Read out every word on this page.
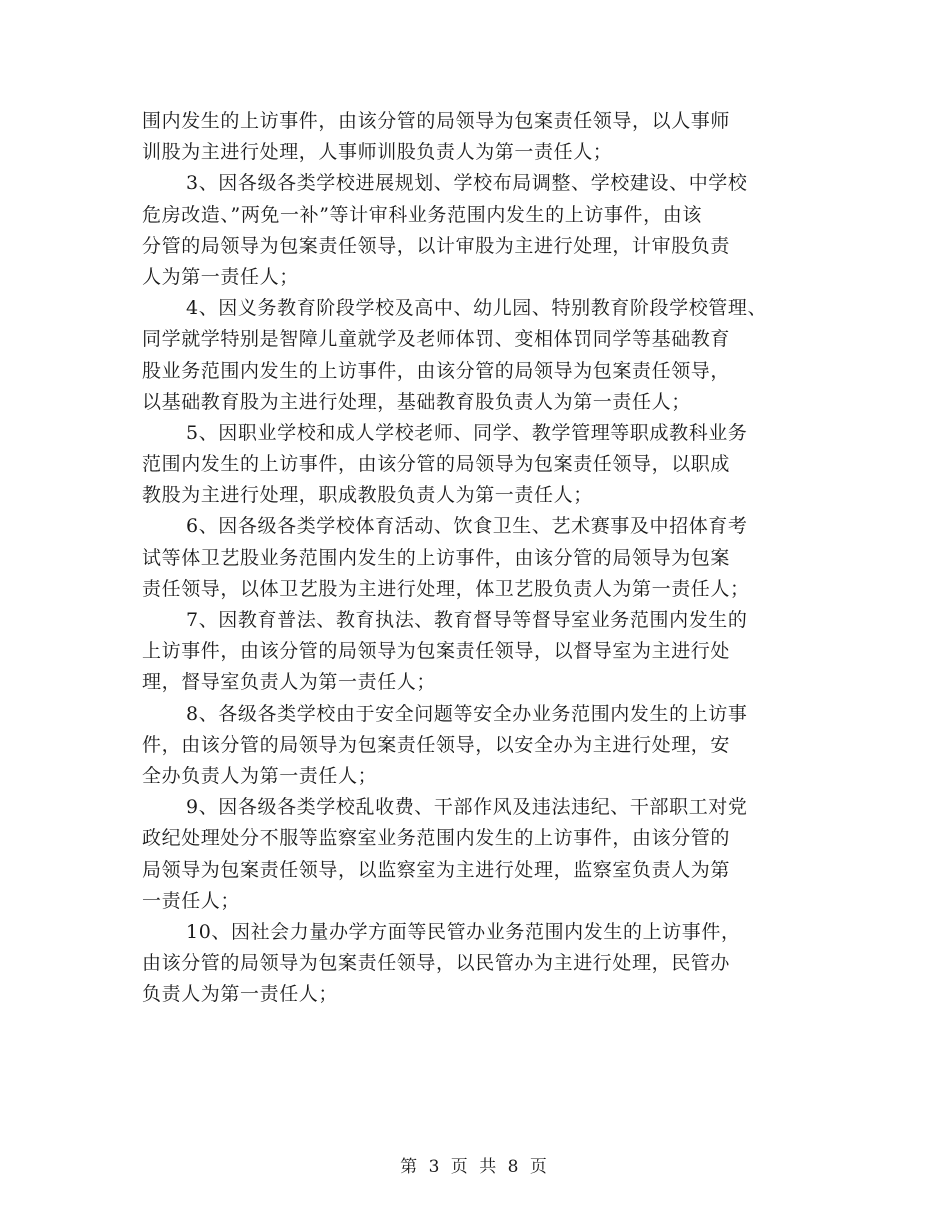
围内发生的上访事件，由该分管的局领导为包案责任领导，以人事师
训股为主进行处理，人事师训股负责人为第一责任人；
3、因各级各类学校进展规划、学校布局调整、学校建设、中学校
危房改造、”两免一补”等计审科业务范围内发生的上访事件，由该
分管的局领导为包案责任领导，以计审股为主进行处理，计审股负责
人为第一责任人；
4、因义务教育阶段学校及高中、幼儿园、特别教育阶段学校管理、
同学就学特别是智障儿童就学及老师体罚、变相体罚同学等基础教育
股业务范围内发生的上访事件，由该分管的局领导为包案责任领导，
以基础教育股为主进行处理，基础教育股负责人为第一责任人；
5、因职业学校和成人学校老师、同学、教学管理等职成教科业务
范围内发生的上访事件，由该分管的局领导为包案责任领导，以职成
教股为主进行处理，职成教股负责人为第一责任人；
6、因各级各类学校体育活动、饮食卫生、艺术赛事及中招体育考
试等体卫艺股业务范围内发生的上访事件，由该分管的局领导为包案
责任领导，以体卫艺股为主进行处理，体卫艺股负责人为第一责任人；
7、因教育普法、教育执法、教育督导等督导室业务范围内发生的
上访事件，由该分管的局领导为包案责任领导，以督导室为主进行处
理，督导室负责人为第一责任人；
8、各级各类学校由于安全问题等安全办业务范围内发生的上访事
件，由该分管的局领导为包案责任领导，以安全办为主进行处理，安
全办负责人为第一责任人；
9、因各级各类学校乱收费、干部作风及违法违纪、干部职工对党
政纪处理处分不服等监察室业务范围内发生的上访事件，由该分管的
局领导为包案责任领导，以监察室为主进行处理，监察室负责人为第
一责任人；
10、因社会力量办学方面等民管办业务范围内发生的上访事件，
由该分管的局领导为包案责任领导，以民管办为主进行处理，民管办
负责人为第一责任人；
第 3 页 共 8 页
